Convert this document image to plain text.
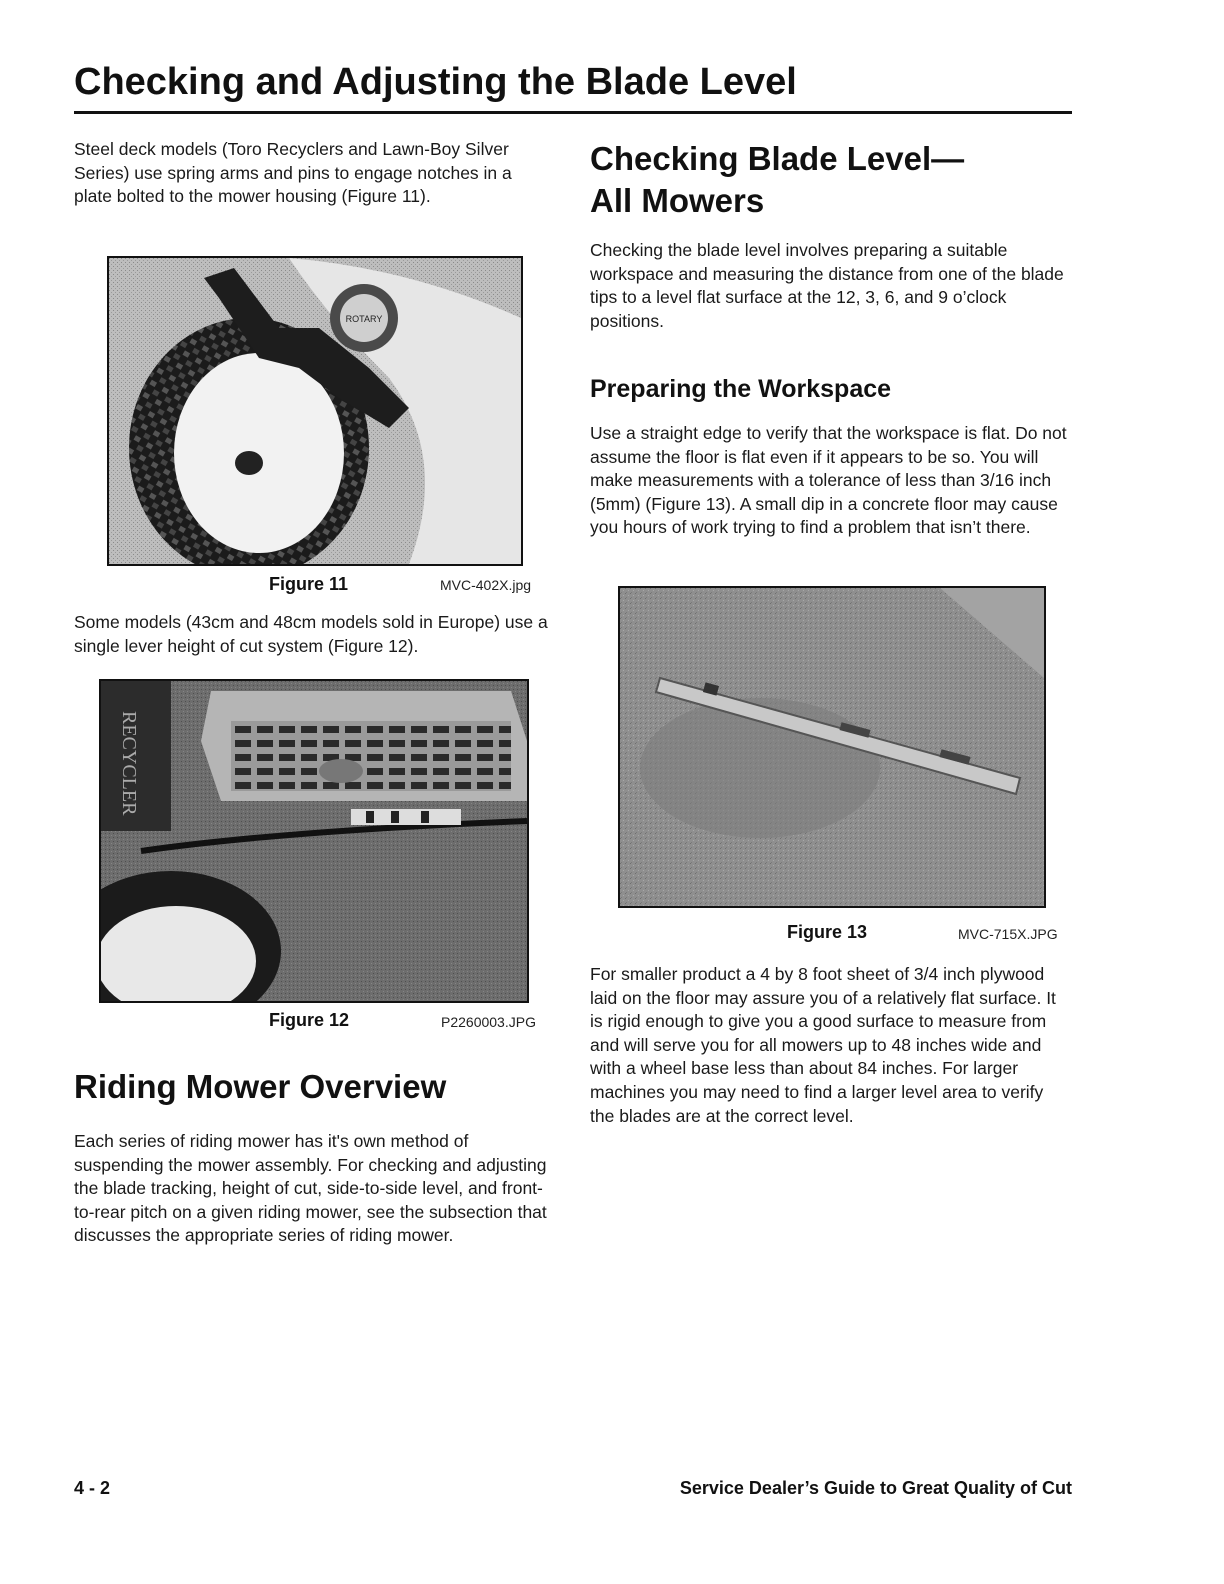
Checking and Adjusting the Blade Level

Steel deck models (Toro Recyclers and Lawn-Boy Silver Series) use spring arms and pins to engage notches in a plate bolted to the mower housing (Figure 11).

ROTARY
Figure 11	MVC-402X.jpg

Some models (43cm and 48cm models sold in Europe) use a single lever height of cut system (Figure 12).

RECYCLER
Figure 12	P2260003.JPG
Riding Mower Overview

Each series of riding mower has it's own method of suspending the mower assembly. For checking and adjusting the blade tracking, height of cut, side-to-side level, and front-to-rear pitch on a given riding mower, see the subsection that discusses the appropriate series of riding mower.

Checking Blade Level—
All Mowers

Checking the blade level involves preparing a suitable workspace and measuring the distance from one of the blade tips to a level flat surface at the 12, 3, 6, and 9 o’clock positions.

Preparing the Workspace

Use a straight edge to verify that the workspace is flat. Do not assume the floor is flat even if it appears to be so. You will make measurements with a tolerance of less than 3/16 inch (5mm) (Figure 13). A small dip in a concrete floor may cause you hours of work trying to find a problem that isn’t there.

Figure 13	MVC-715X.JPG

For smaller product a 4 by 8 foot sheet of 3/4 inch plywood laid on the floor may assure you of a relatively flat surface. It is rigid enough to give you a good surface to measure from and will serve you for all mowers up to 48 inches wide and with a wheel base less than about 84 inches. For larger machines you may need to find a larger level area to verify the blades are at the correct level.

4 - 2	Service Dealer’s Guide to Great Quality of Cut
